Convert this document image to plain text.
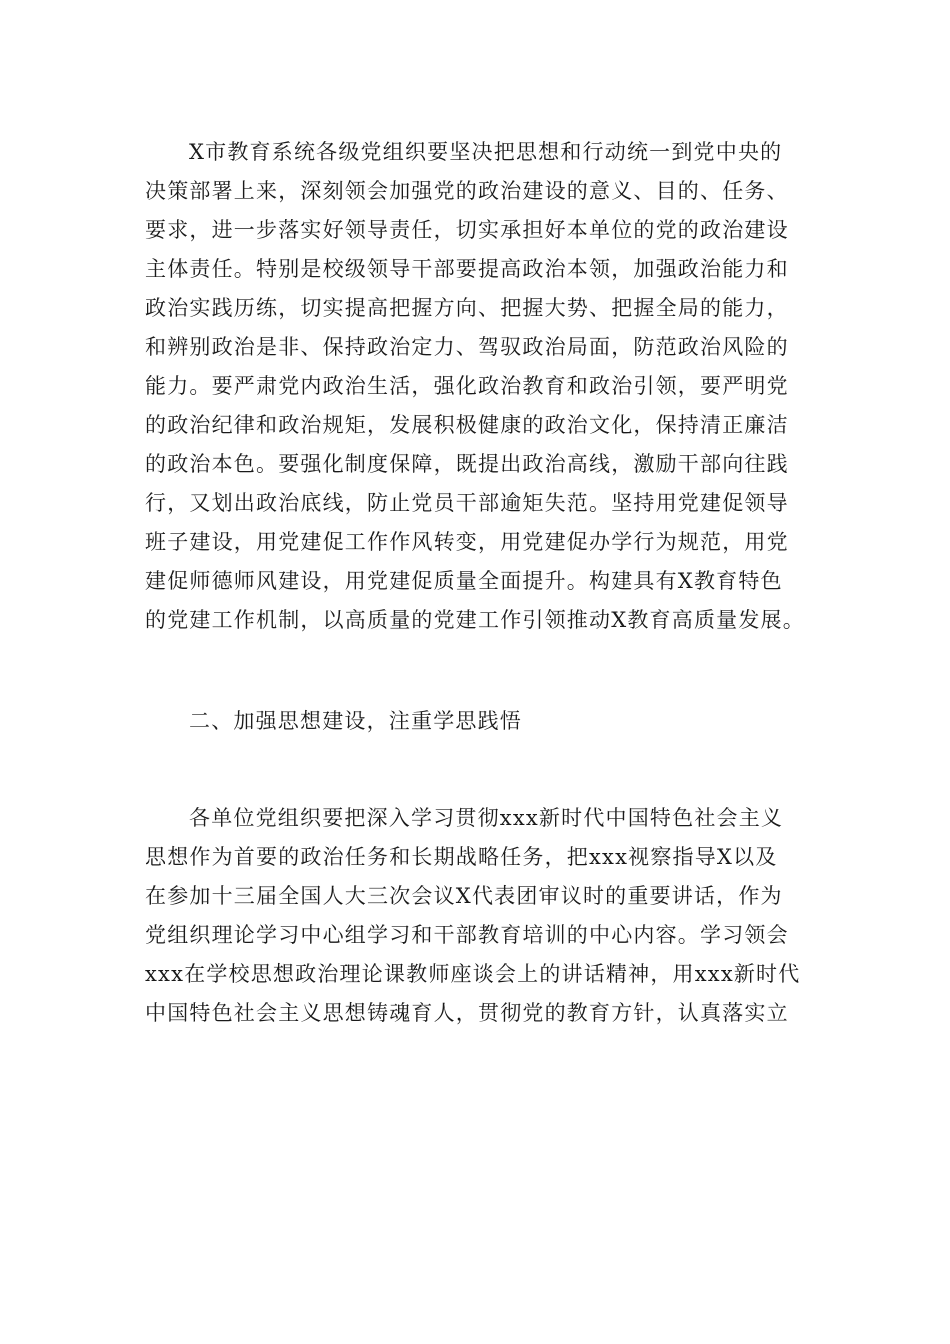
X市教育系统各级党组织要坚决把思想和行动统一到党中央的
决策部署上来，深刻领会加强党的政治建设的意义、目的、任务、
要求，进一步落实好领导责任，切实承担好本单位的党的政治建设
主体责任。特别是校级领导干部要提高政治本领，加强政治能力和
政治实践历练，切实提高把握方向、把握大势、把握全局的能力，
和辨别政治是非、保持政治定力、驾驭政治局面，防范政治风险的
能力。要严肃党内政治生活，强化政治教育和政治引领，要严明党
的政治纪律和政治规矩，发展积极健康的政治文化，保持清正廉洁
的政治本色。要强化制度保障，既提出政治高线，激励干部向往践
行，又划出政治底线，防止党员干部逾矩失范。坚持用党建促领导
班子建设，用党建促工作作风转变，用党建促办学行为规范，用党
建促师德师风建设，用党建促质量全面提升。构建具有X教育特色
的党建工作机制，以高质量的党建工作引领推动X教育高质量发展。
二、加强思想建设，注重学思践悟
各单位党组织要把深入学习贯彻xxx新时代中国特色社会主义
思想作为首要的政治任务和长期战略任务，把xxx视察指导X以及
在参加十三届全国人大三次会议X代表团审议时的重要讲话，作为
党组织理论学习中心组学习和干部教育培训的中心内容。学习领会
xxx在学校思想政治理论课教师座谈会上的讲话精神，用xxx新时代
中国特色社会主义思想铸魂育人，贯彻党的教育方针，认真落实立
